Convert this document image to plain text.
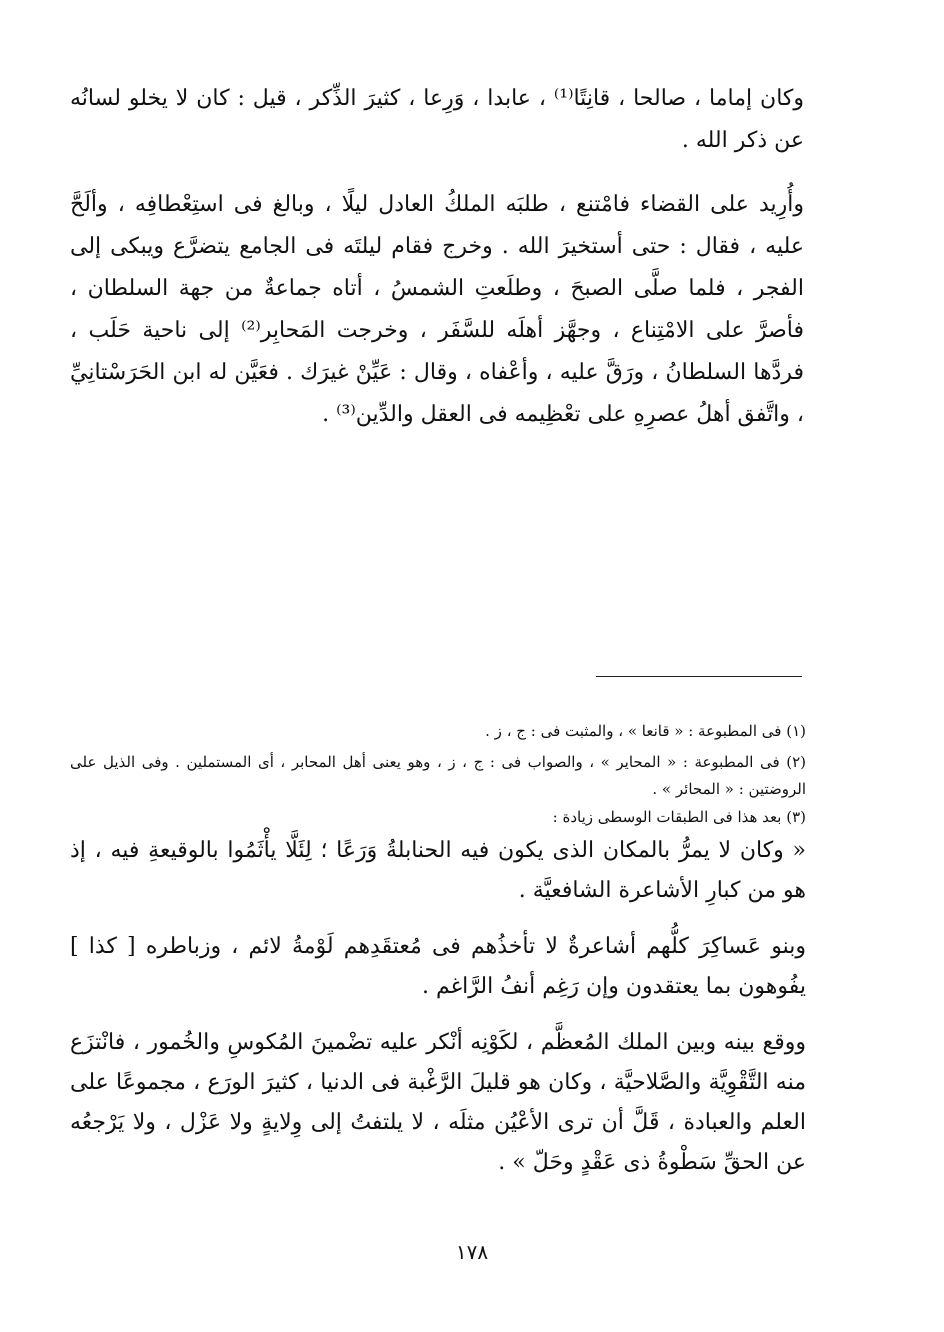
وكان إماما ، صالحا ، قانِتًا⁽¹⁾ ، عابدا ، وَرِعا ، كثيرَ الذِّكر ، قيل : كان لا يخلو لسانُه عن ذكر الله .

وأُرِيد على القضاء فامْتنع ، طلبَه الملكُ العادل ليلًا ، وبالغ فى استِعْطافِه ، وألَحَّ عليه ، فقال : حتى أستخيرَ الله . وخرج فقام ليلتَه فى الجامع يتضرَّع ويبكى إلى الفجر ، فلما صلَّى الصبحَ ، وطلَعتِ الشمسُ ، أتاه جماعةٌ من جهة السلطان ، فأصرَّ على الامْتِناع ، وجهَّز أهلَه للسَّفَر ، وخرجت المَحابِر⁽²⁾ إلى ناحية حَلَب ، فردَّها السلطانُ ، ورَقَّ عليه ، وأعْفاه ، وقال : عَيِّنْ غيرَك . فعَيَّن له ابن الحَرَسْتانِيِّ ، واتَّفق أهلُ عصرِهِ على تعْظِيمه فى العقل والدِّين⁽³⁾ .

(١) فى المطبوعة : « قانعا » ، والمثبت فى : ج ، ز .

(٢) فى المطبوعة : « المحاير » ، والصواب فى : ج ، ز ، وهو يعنى أهل المحابر ، أى المستملين . وفى الذيل على الروضتين : « المحائر » .

(٣) بعد هذا فى الطبقات الوسطى زيادة :

« وكان لا يمرُّ بالمكان الذى يكون فيه الحنابلةُ وَرَعًا ؛ لِئَلَّا يأْثَمُوا بالوقيعةِ فيه ، إذ هو من كبارِ الأشاعرة الشافعيَّة .

وبنو عَساكِرَ كلُّهم أشاعرةٌ لا تأخذُهم فى مُعتقَدِهم لَوْمةُ لائم ، وزباطره [ كذا ] يفُوهون بما يعتقدون وإن رَغِم أنفُ الرَّاغم .

ووقع بينه وبين الملك المُعظَّم ، لكَوْنِه أنْكر عليه تضْمينَ المُكوسِ والخُمور ، فانْتزَع منه التَّقْوِيَّة والصَّلاحيَّة ، وكان هو قليلَ الرَّغْبة فى الدنيا ، كثيرَ الورَع ، مجموعًا على العلم والعبادة ، قَلَّ أن ترى الأعْيُن مثلَه ، لا يلتفتُ إلى وِلايةٍ ولا عَزْل ، ولا يَرْجعُه عن الحقِّ سَطْوةُ ذى عَقْدٍ وحَلّ » .

١٧٨
